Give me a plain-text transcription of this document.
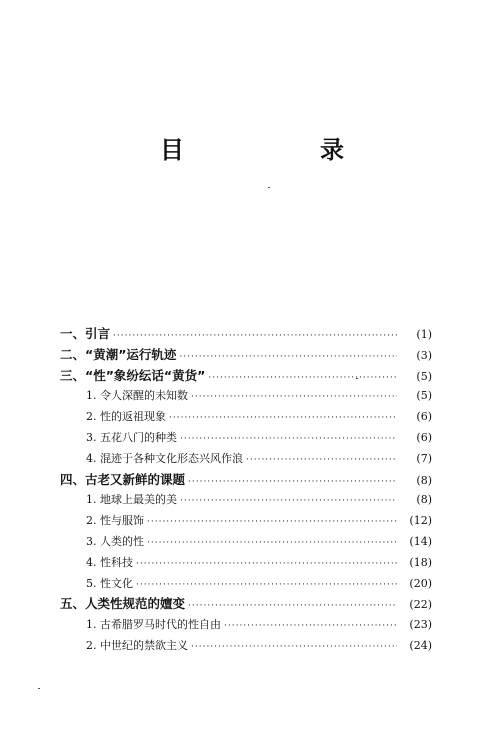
目　录
一、引言 ·····	(1)
二、“黄潮”运行轨迹 ·····	(3)
三、“性”象纷纭话“黄货” ·····	(5)
1. 令人深醒的未知数 ·····	(5)
2. 性的返祖现象 ·····	(6)
3. 五花八门的种类 ·····	(6)
4. 混迹于各种文化形态兴风作浪 ·····	(7)
四、古老又新鲜的课题 ·····	(8)
1. 地球上最美的美 ·····	(8)
2. 性与服饰 ·····	(12)
3. 人类的性 ·····	(14)
4. 性科技 ·····	(18)
5. 性文化 ·····	(20)
五、人类性规范的嬗变 ·····	(22)
1. 古希腊罗马时代的性自由 ·····	(23)
2. 中世纪的禁欲主义 ·····	(24)
